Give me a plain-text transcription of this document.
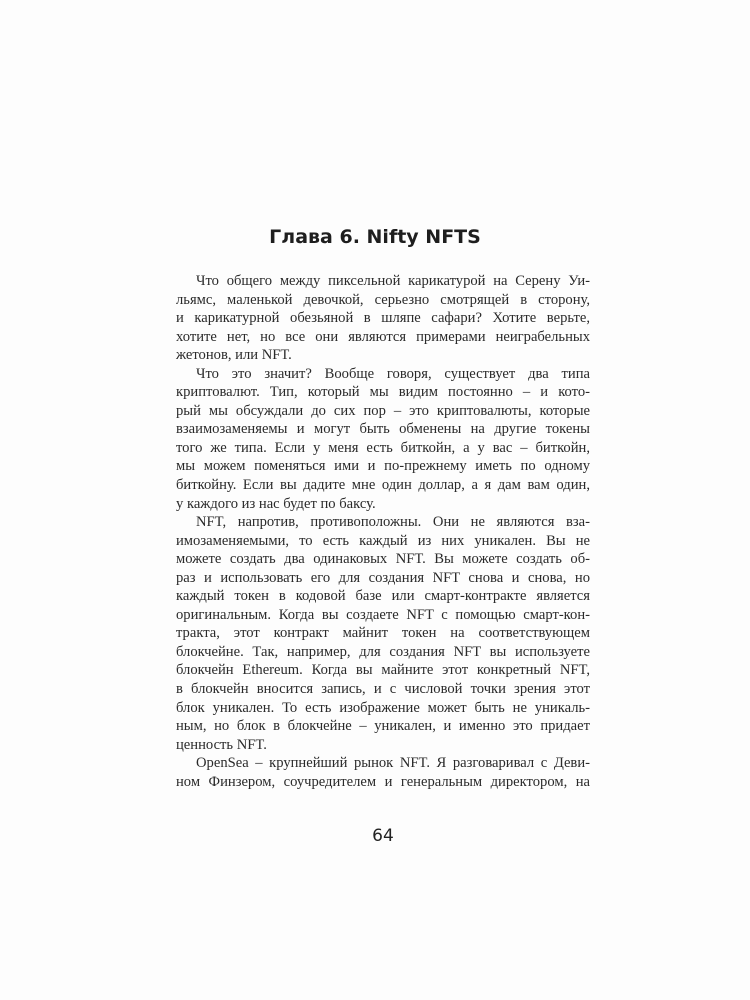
Глава 6. Nifty NFTS
Что общего между пиксельной карикатурой на Серену Уи-
льямс, маленькой девочкой, серьезно смотрящей в сторону,
и карикатурной обезьяной в шляпе сафари? Хотите верьте,
хотите нет, но все они являются примерами неиграбельных
жетонов, или NFT.
Что это значит? Вообще говоря, существует два типа
криптовалют. Тип, который мы видим постоянно – и кото-
рый мы обсуждали до сих пор – это криптовалюты, которые
взаимозаменяемы и могут быть обменены на другие токены
того же типа. Если у меня есть биткойн, а у вас – биткойн,
мы можем поменяться ими и по-прежнему иметь по одному
биткойну. Если вы дадите мне один доллар, а я дам вам один,
у каждого из нас будет по баксу.
NFT, напротив, противоположны. Они не являются вза-
имозаменяемыми, то есть каждый из них уникален. Вы не
можете создать два одинаковых NFT. Вы можете создать об-
раз и использовать его для создания NFT снова и снова, но
каждый токен в кодовой базе или смарт-контракте является
оригинальным. Когда вы создаете NFT с помощью смарт-кон-
тракта, этот контракт майнит токен на соответствующем
блокчейне. Так, например, для создания NFT вы используете
блокчейн Ethereum. Когда вы майните этот конкретный NFT,
в блокчейн вносится запись, и с числовой точки зрения этот
блок уникален. То есть изображение может быть не уникаль-
ным, но блок в блокчейне – уникален, и именно это придает
ценность NFT.
OpenSea – крупнейший рынок NFT. Я разговаривал с Деви-
ном Финзером, соучредителем и генеральным директором, на
64
